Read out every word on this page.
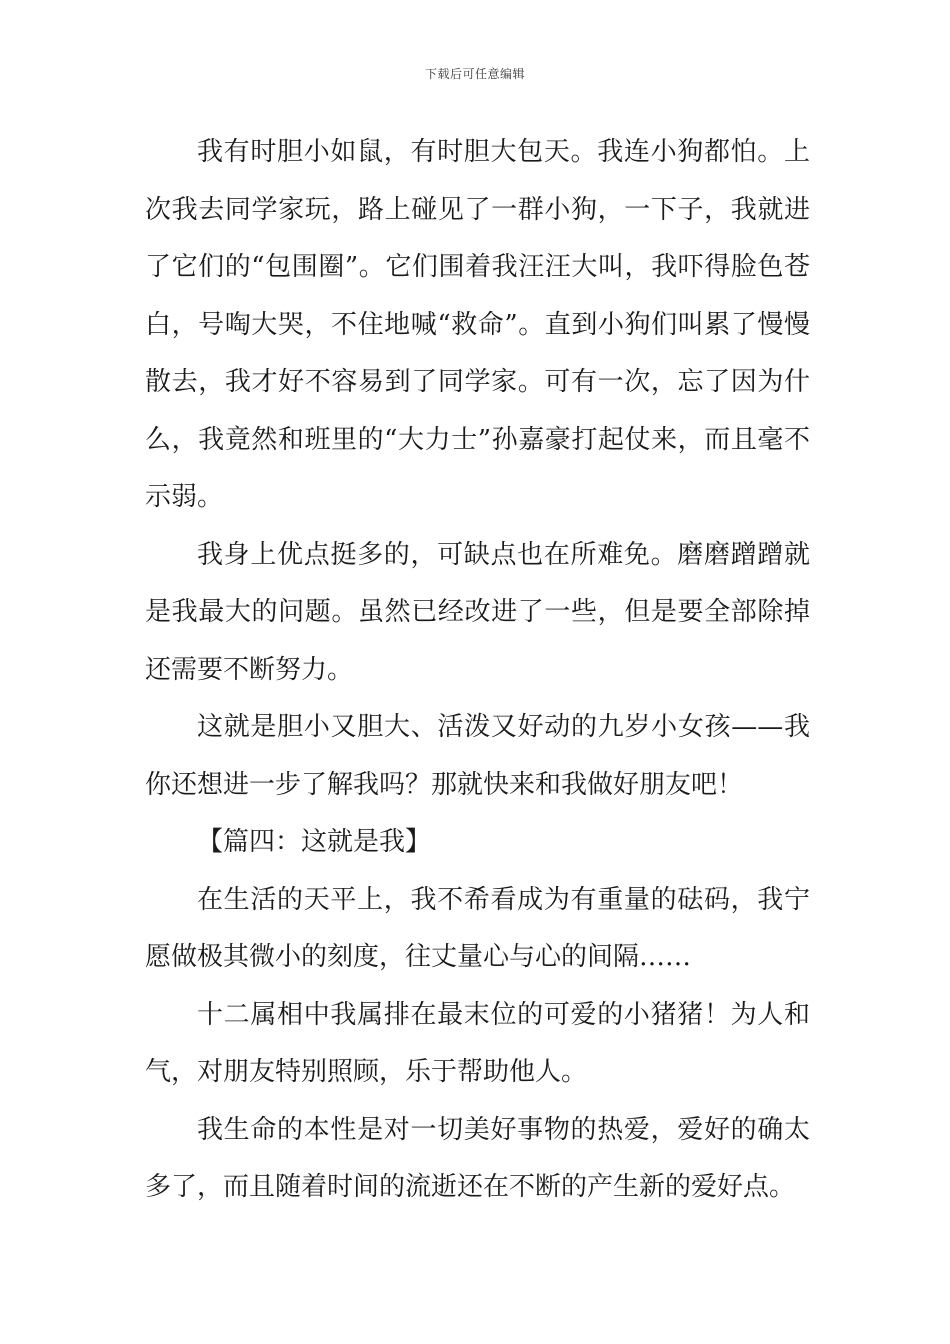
下载后可任意编辑

我有时胆小如鼠，有时胆大包天。我连小狗都怕。上次我去同学家玩，路上碰见了一群小狗，一下子，我就进了它们的“包围圈”。它们围着我汪汪大叫，我吓得脸色苍白，号啕大哭，不住地喊“救命”。直到小狗们叫累了慢慢散去，我才好不容易到了同学家。可有一次，忘了因为什么，我竟然和班里的“大力士”孙嘉豪打起仗来，而且毫不示弱。

我身上优点挺多的，可缺点也在所难免。磨磨蹭蹭就是我最大的问题。虽然已经改进了一些，但是要全部除掉还需要不断努力。

这就是胆小又胆大、活泼又好动的九岁小女孩——我你还想进一步了解我吗？那就快来和我做好朋友吧！

【篇四：这就是我】

在生活的天平上，我不希看成为有重量的砝码，我宁愿做极其微小的刻度，往丈量心与心的间隔……

十二属相中我属排在最末位的可爱的小猪猪！为人和气，对朋友特别照顾，乐于帮助他人。

我生命的本性是对一切美好事物的热爱，爱好的确太多了，而且随着时间的流逝还在不断的产生新的爱好点。
